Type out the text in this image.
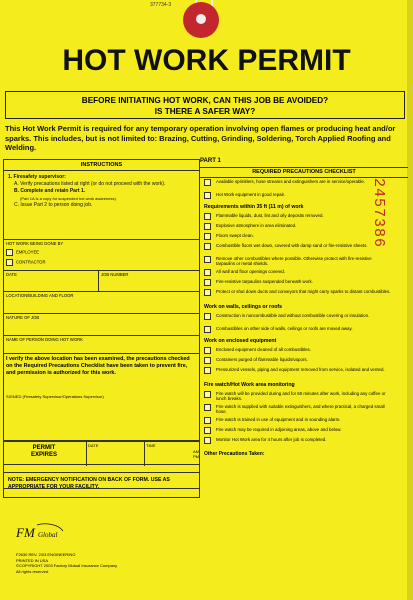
377734-3
HOT WORK PERMIT
BEFORE INITIATING HOT WORK, CAN THIS JOB BE AVOIDED?
IS THERE A SAFER WAY?
This Hot Work Permit is required for any temporary operation involving open flames or producing heat and/or sparks. This includes, but is not limited to: Brazing, Cutting, Grinding, Soldering, Torch Applied Roofing and Welding.
INSTRUCTIONS
1. Firesafety supervisor:
A. Verify precautions listed at right (or do not proceed with the work).
B. Complete and retain Part 1.
(Part 1A is a copy for suspended hot work awareness).
C. Issue Part 2 to person doing job.
HOT WORK BEING DONE BY
EMPLOYEE
CONTRACTOR
DATE	JOB NUMBER
LOCATION/BUILDING AND FLOOR
NATURE OF JOB
NAME OF PERSON DOING HOT WORK
I verify the above location has been examined, the precautions checked on the Required Precautions Checklist have been taken to prevent fire, and permission is authorized for this work.
SIGNED (Firesafety Supervisor/Operations Supervisor)
PERMIT
EXPIRES
DATE	TIME
AM
PM
NOTE: EMERGENCY NOTIFICATION ON BACK OF FORM. USE AS APPROPRIATE FOR YOUR FACILITY.
FM Global
F2630 REV. 2/03 ENGINEERING
PRINTED IN USA
©COPYRIGHT 2003 Factory Mutual Insurance Company
All rights reserved.
PART 1
REQUIRED PRECAUTIONS CHECKLIST
Available sprinklers, hose streams and extinguishers are in service/operable.
Hot Work equipment in good repair.
Requirements within 35 ft (11 m) of work
Flammable liquids, dust, lint and oily deposits removed.
Explosive atmosphere in area eliminated.
Floors swept clean.
Combustible floors wet down, covered with damp sand or fire-resistive sheets.
Remove other combustibles where possible. Otherwise protect with fire-resistive tarpaulins or metal shields.
All wall and floor openings covered.
Fire-resistive tarpaulins suspended beneath work.
Protect or shut down ducts and conveyors that might carry sparks to distant combustibles.
Work on walls, ceilings or roofs
Construction is noncombustible and without combustible covering or insulation.
Combustibles on other side of walls, ceilings or roofs are moved away.
Work on enclosed equipment
Enclosed equipment cleaned of all combustibles.
Containers purged of flammable liquids/vapors.
Pressurized vessels, piping and equipment removed from service, isolated and vented.
Fire watch/Hot Work area monitoring
Fire watch will be provided during and for 60 minutes after work, including any coffee or lunch breaks.
Fire watch is supplied with suitable extinguishers, and where practical, a charged small hose.
Fire watch is trained in use of equipment and in sounding alarm.
Fire watch may be required in adjoining areas, above and below.
Monitor Hot Work area for 4 hours after job is completed.
Other Precautions Taken:
2457386
